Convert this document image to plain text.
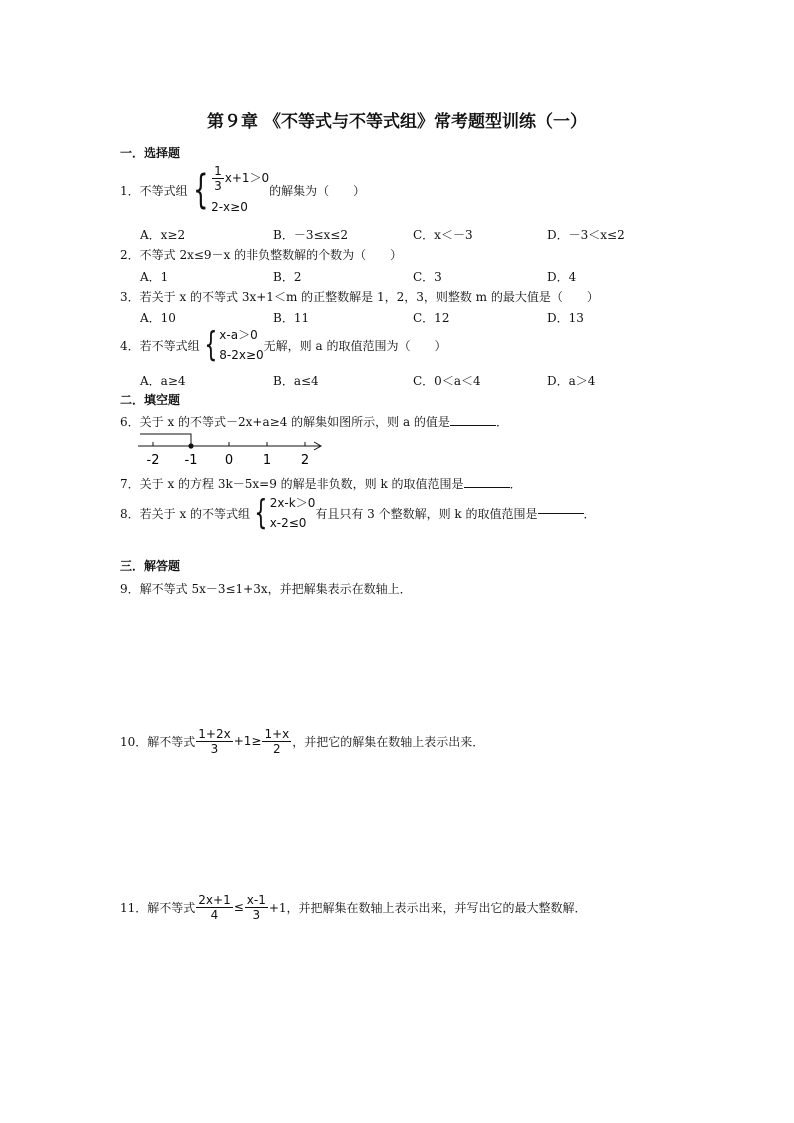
第９章 《不等式与不等式组》常考题型训练（一）
一．选择题
1．不等式组 { $\frac{1}{3} x+1>0$
2-x≥0
的解集为（　　）
A．x≥2	B．－3≤x≤2	C．x＜－3	D．－3＜x≤2
2．不等式 2x≤9－x 的非负整数解的个数为（　　）
A．1	B．2	C．3	D．4
3．若关于 x 的不等式 3x+1＜m 的正整数解是 1，2，3，则整数 m 的最大值是（　　）
A．10	B．11	C．12	D．13
4．若不等式组 { x-a＞0
8-2x≥0
无解，则 a 的取值范围为（　　）
A．a≥4	B．a≤4	C．0＜a＜4	D．a＞4
二．填空题
6．关于 x 的不等式－2x+a≥4 的解集如图所示，则 a 的值是	．
-2 -1 0 1 2
7．关于 x 的方程 3k－5x=9 的解是非负数，则 k 的取值范围是	．
8．若关于 x 的不等式组 { 2x-k＞0
x-2≤0
有且只有 3 个整数解，则 k 的取值范围是	．
三．解答题
9．解不等式 5x－3≤1+3x，并把解集表示在数轴上．
10．解不等式 $\frac{1+2x}{3} +1\ge \frac{1+x}{2}$ ，并把它的解集在数轴上表示出来．
11．解不等式 $\frac{2x+1}{4} \le \frac{x-1}{3} +1$，并把解集在数轴上表示出来，并写出它的最大整数解．
